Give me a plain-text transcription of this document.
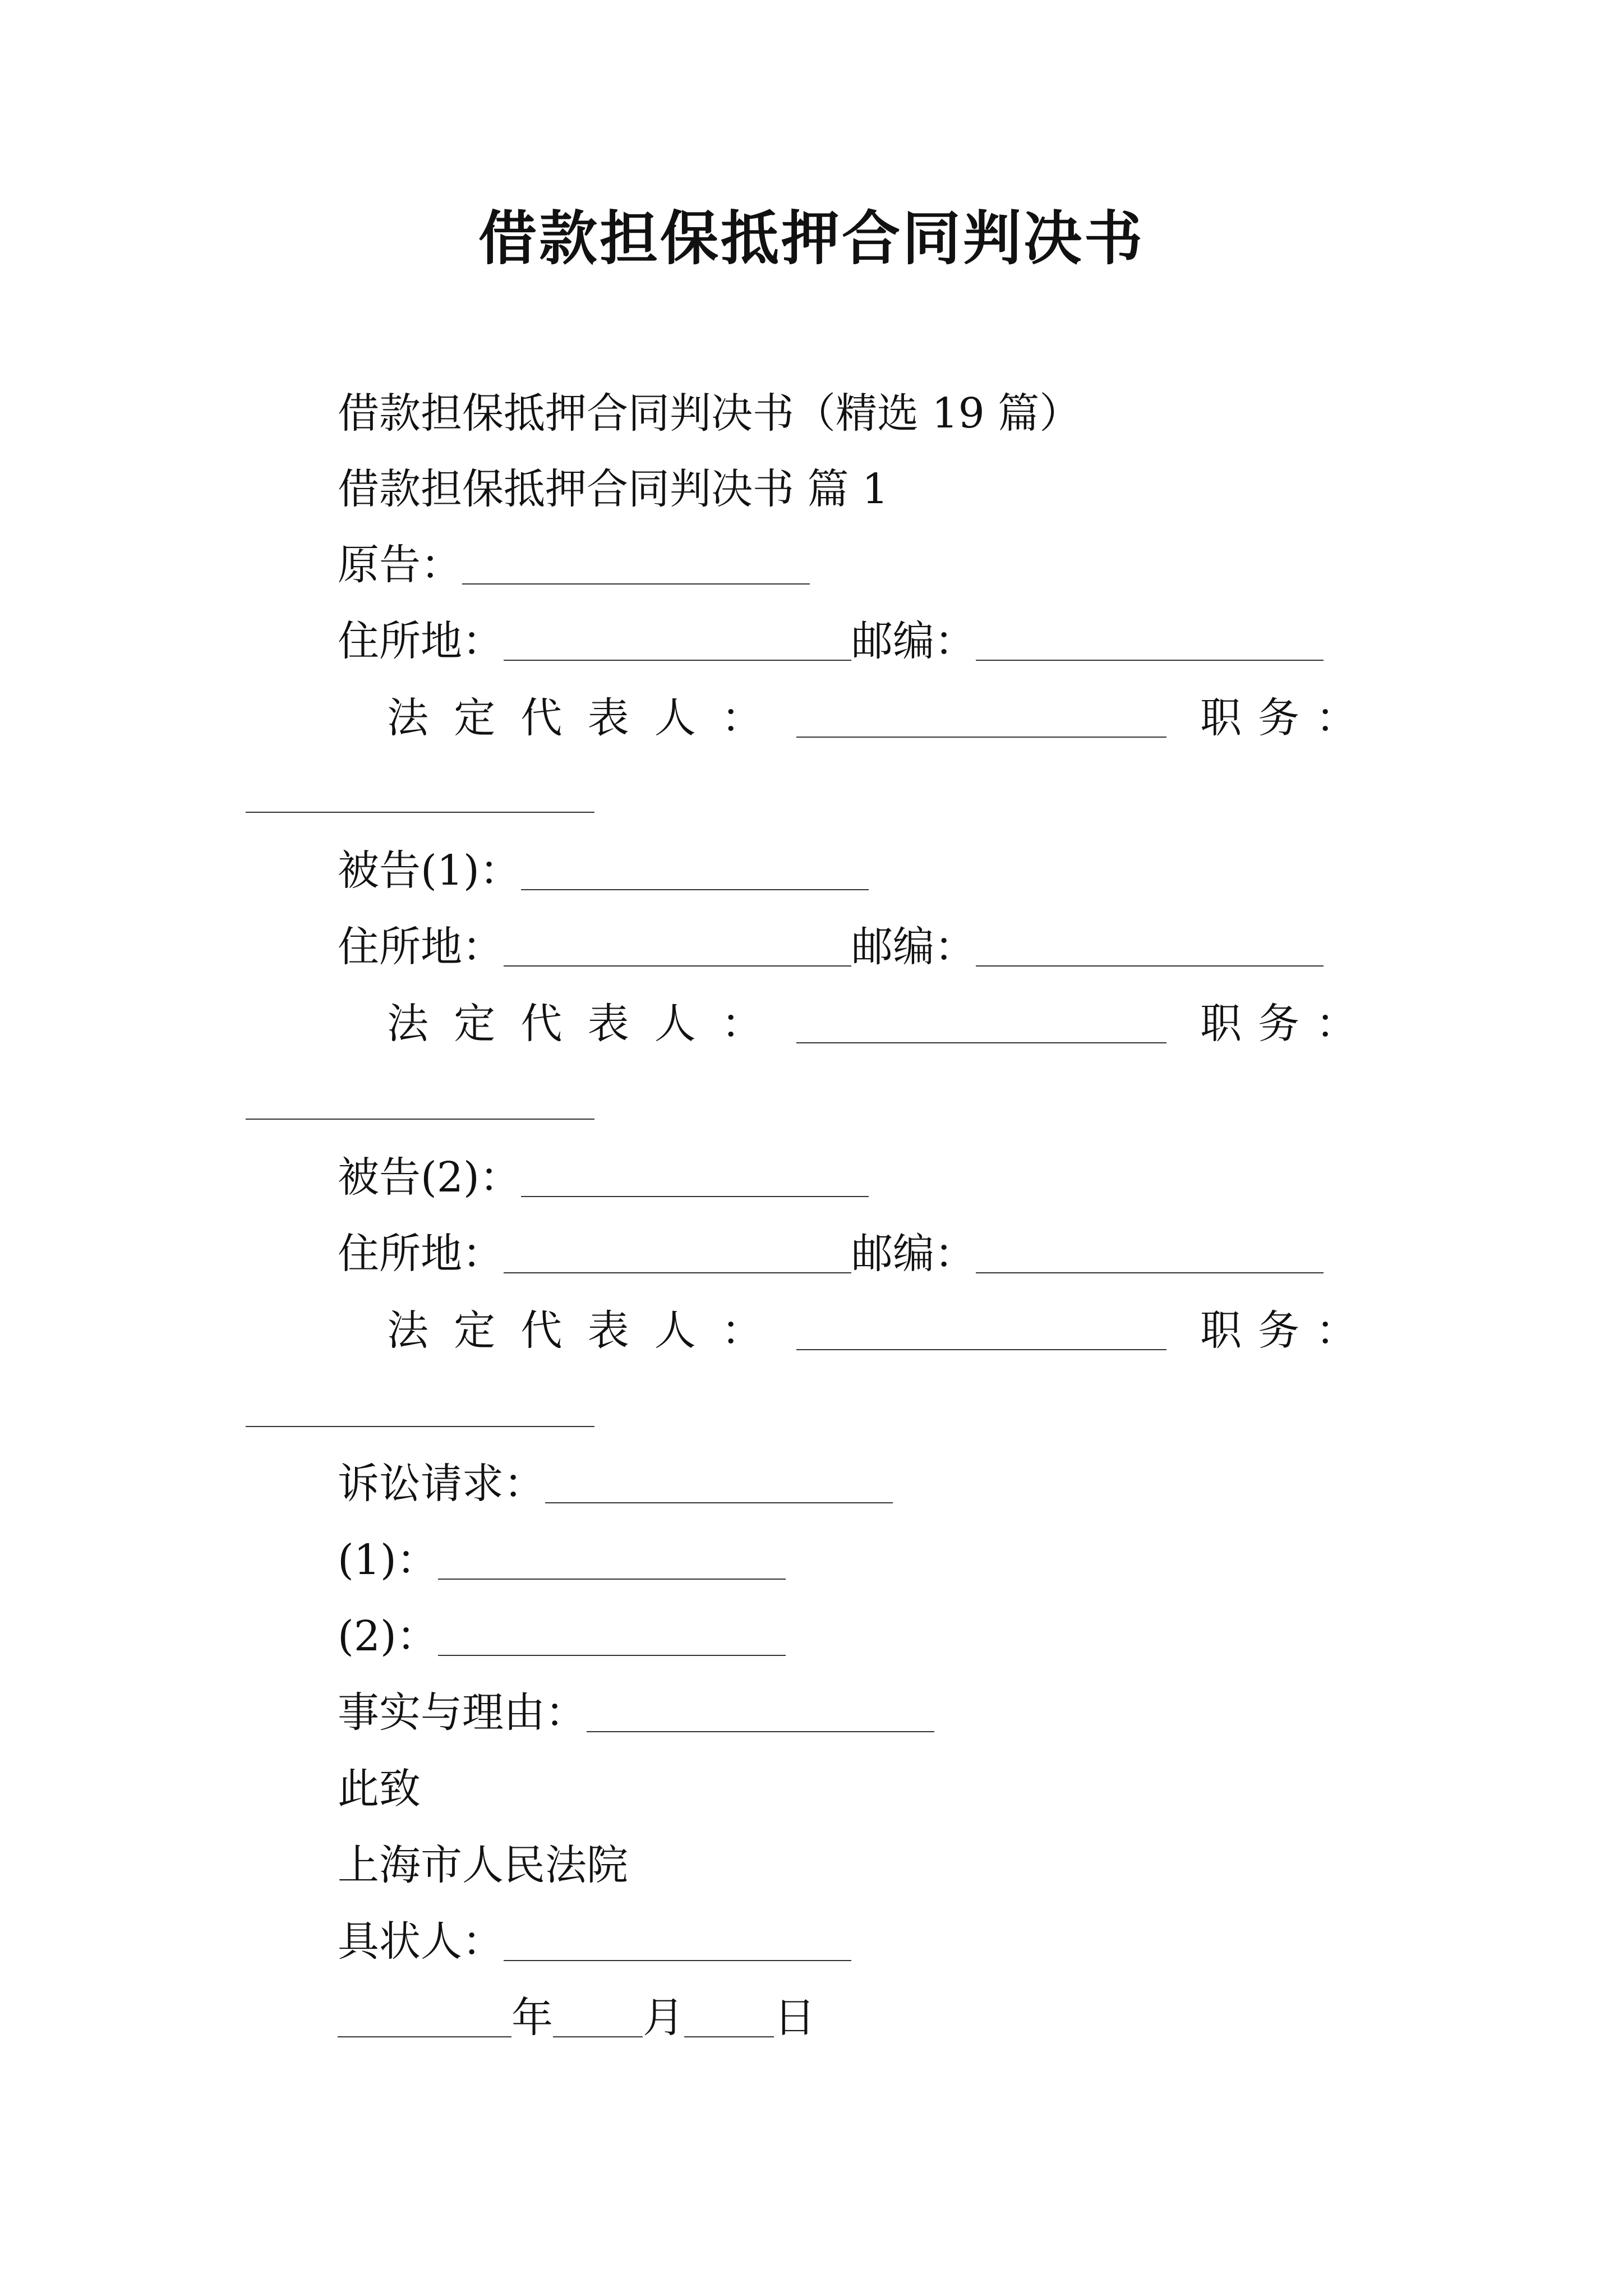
借款担保抵押合同判决书
借款担保抵押合同判决书（精选 19 篇）
借款担保抵押合同判决书 篇 1
原告：
住所地：	邮编：
法 定 代 表 人 ：	职 务 ：
被告(1)：
住所地：	邮编：
法 定 代 表 人 ：	职 务 ：
被告(2)：
住所地：	邮编：
法 定 代 表 人 ：	职 务 ：
诉讼请求：
(1)：
(2)：
事实与理由：
此致
上海市人民法院
具状人：
年 月 日
